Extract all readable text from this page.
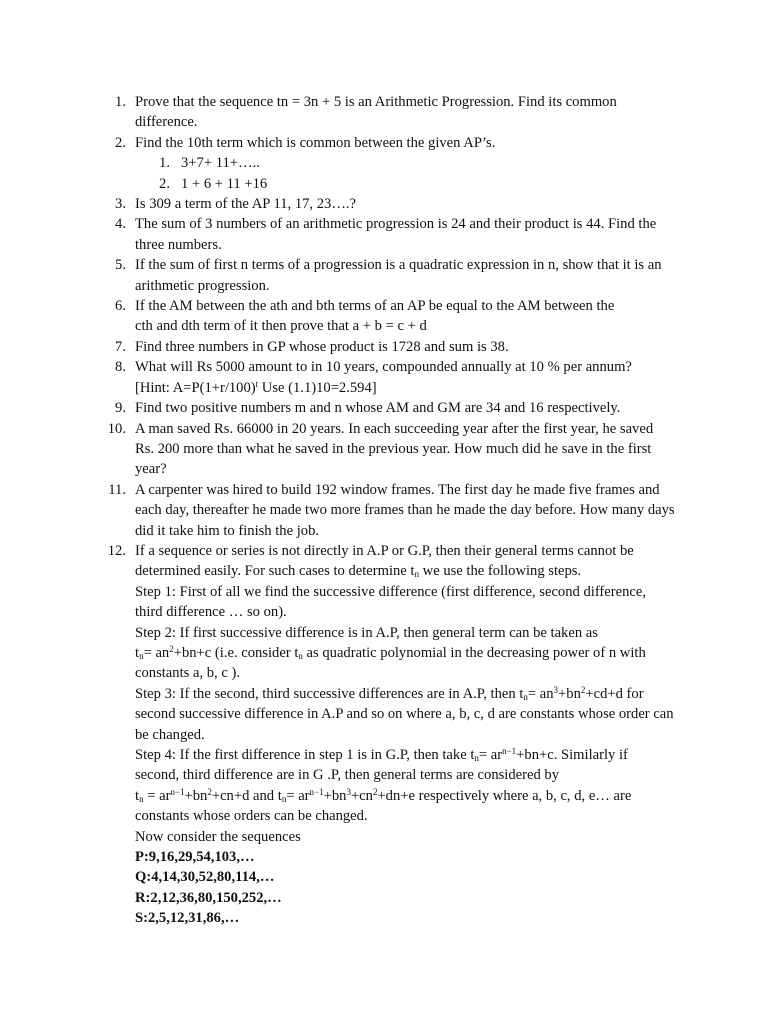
1. Prove that the sequence tn = 3n + 5 is an Arithmetic Progression. Find its common difference.
2. Find the 10th term which is common between the given AP’s.
1. 3+7+ 11+…..
2. 1 + 6 + 11 +16
3. Is 309 a term of the AP 11, 17, 23….?
4. The sum of 3 numbers of an arithmetic progression is 24 and their product is 44. Find the three numbers.
5. If the sum of first n terms of a progression is a quadratic expression in n, show that it is an arithmetic progression.
6. If the AM between the ath and bth terms of an AP be equal to the AM between the
cth and dth term of it then prove that a + b = c + d
7. Find three numbers in GP whose product is 1728 and sum is 38.
8. What will Rs 5000 amount to in 10 years, compounded annually at 10 % per annum?
[Hint: $A=P(1+r/100)^t$ Use (1.1)10=2.594]
9. Find two positive numbers m and n whose AM and GM are 34 and 16 respectively.
10. A man saved Rs. 66000 in 20 years. In each succeeding year after the first year, he saved Rs. 200 more than what he saved in the previous year. How much did he save in the first year?
11. A carpenter was hired to build 192 window frames. The first day he made five frames and each day, thereafter he made two more frames than he made the day before. How many days did it take him to finish the job.
12. If a sequence or series is not directly in A.P or G.P, then their general terms cannot be determined easily. For such cases to determine $t_n$ we use the following steps.
Step 1: First of all we find the successive difference (first difference, second difference, third difference … so on).
Step 2: If first successive difference is in A.P, then general term can be taken as
$t_n= an^2+bn+c$ (i.e. consider $t_n$ as quadratic polynomial in the decreasing power of n with constants a, b, c ).
Step 3: If the second, third successive differences are in A.P, then $t_n= an^3+bn^2+cd+d$ for second successive difference in A.P and so on where a, b, c, d are constants whose order can be changed.
Step 4: If the first difference in step 1 is in G.P, then take $t_n= ar^{n-1}+bn+c$. Similarly if second, third difference are in G .P, then general terms are considered by
$t_n = ar^{n-1}+bn^2+cn+d$ and $t_n= ar^{n-1}+bn^3+cn^2+dn+e$ respectively where a, b, c, d, e… are constants whose orders can be changed.
Now consider the sequences
P:9,16,29,54,103,…
Q:4,14,30,52,80,114,…
R:2,12,36,80,150,252,…
S:2,5,12,31,86,…
